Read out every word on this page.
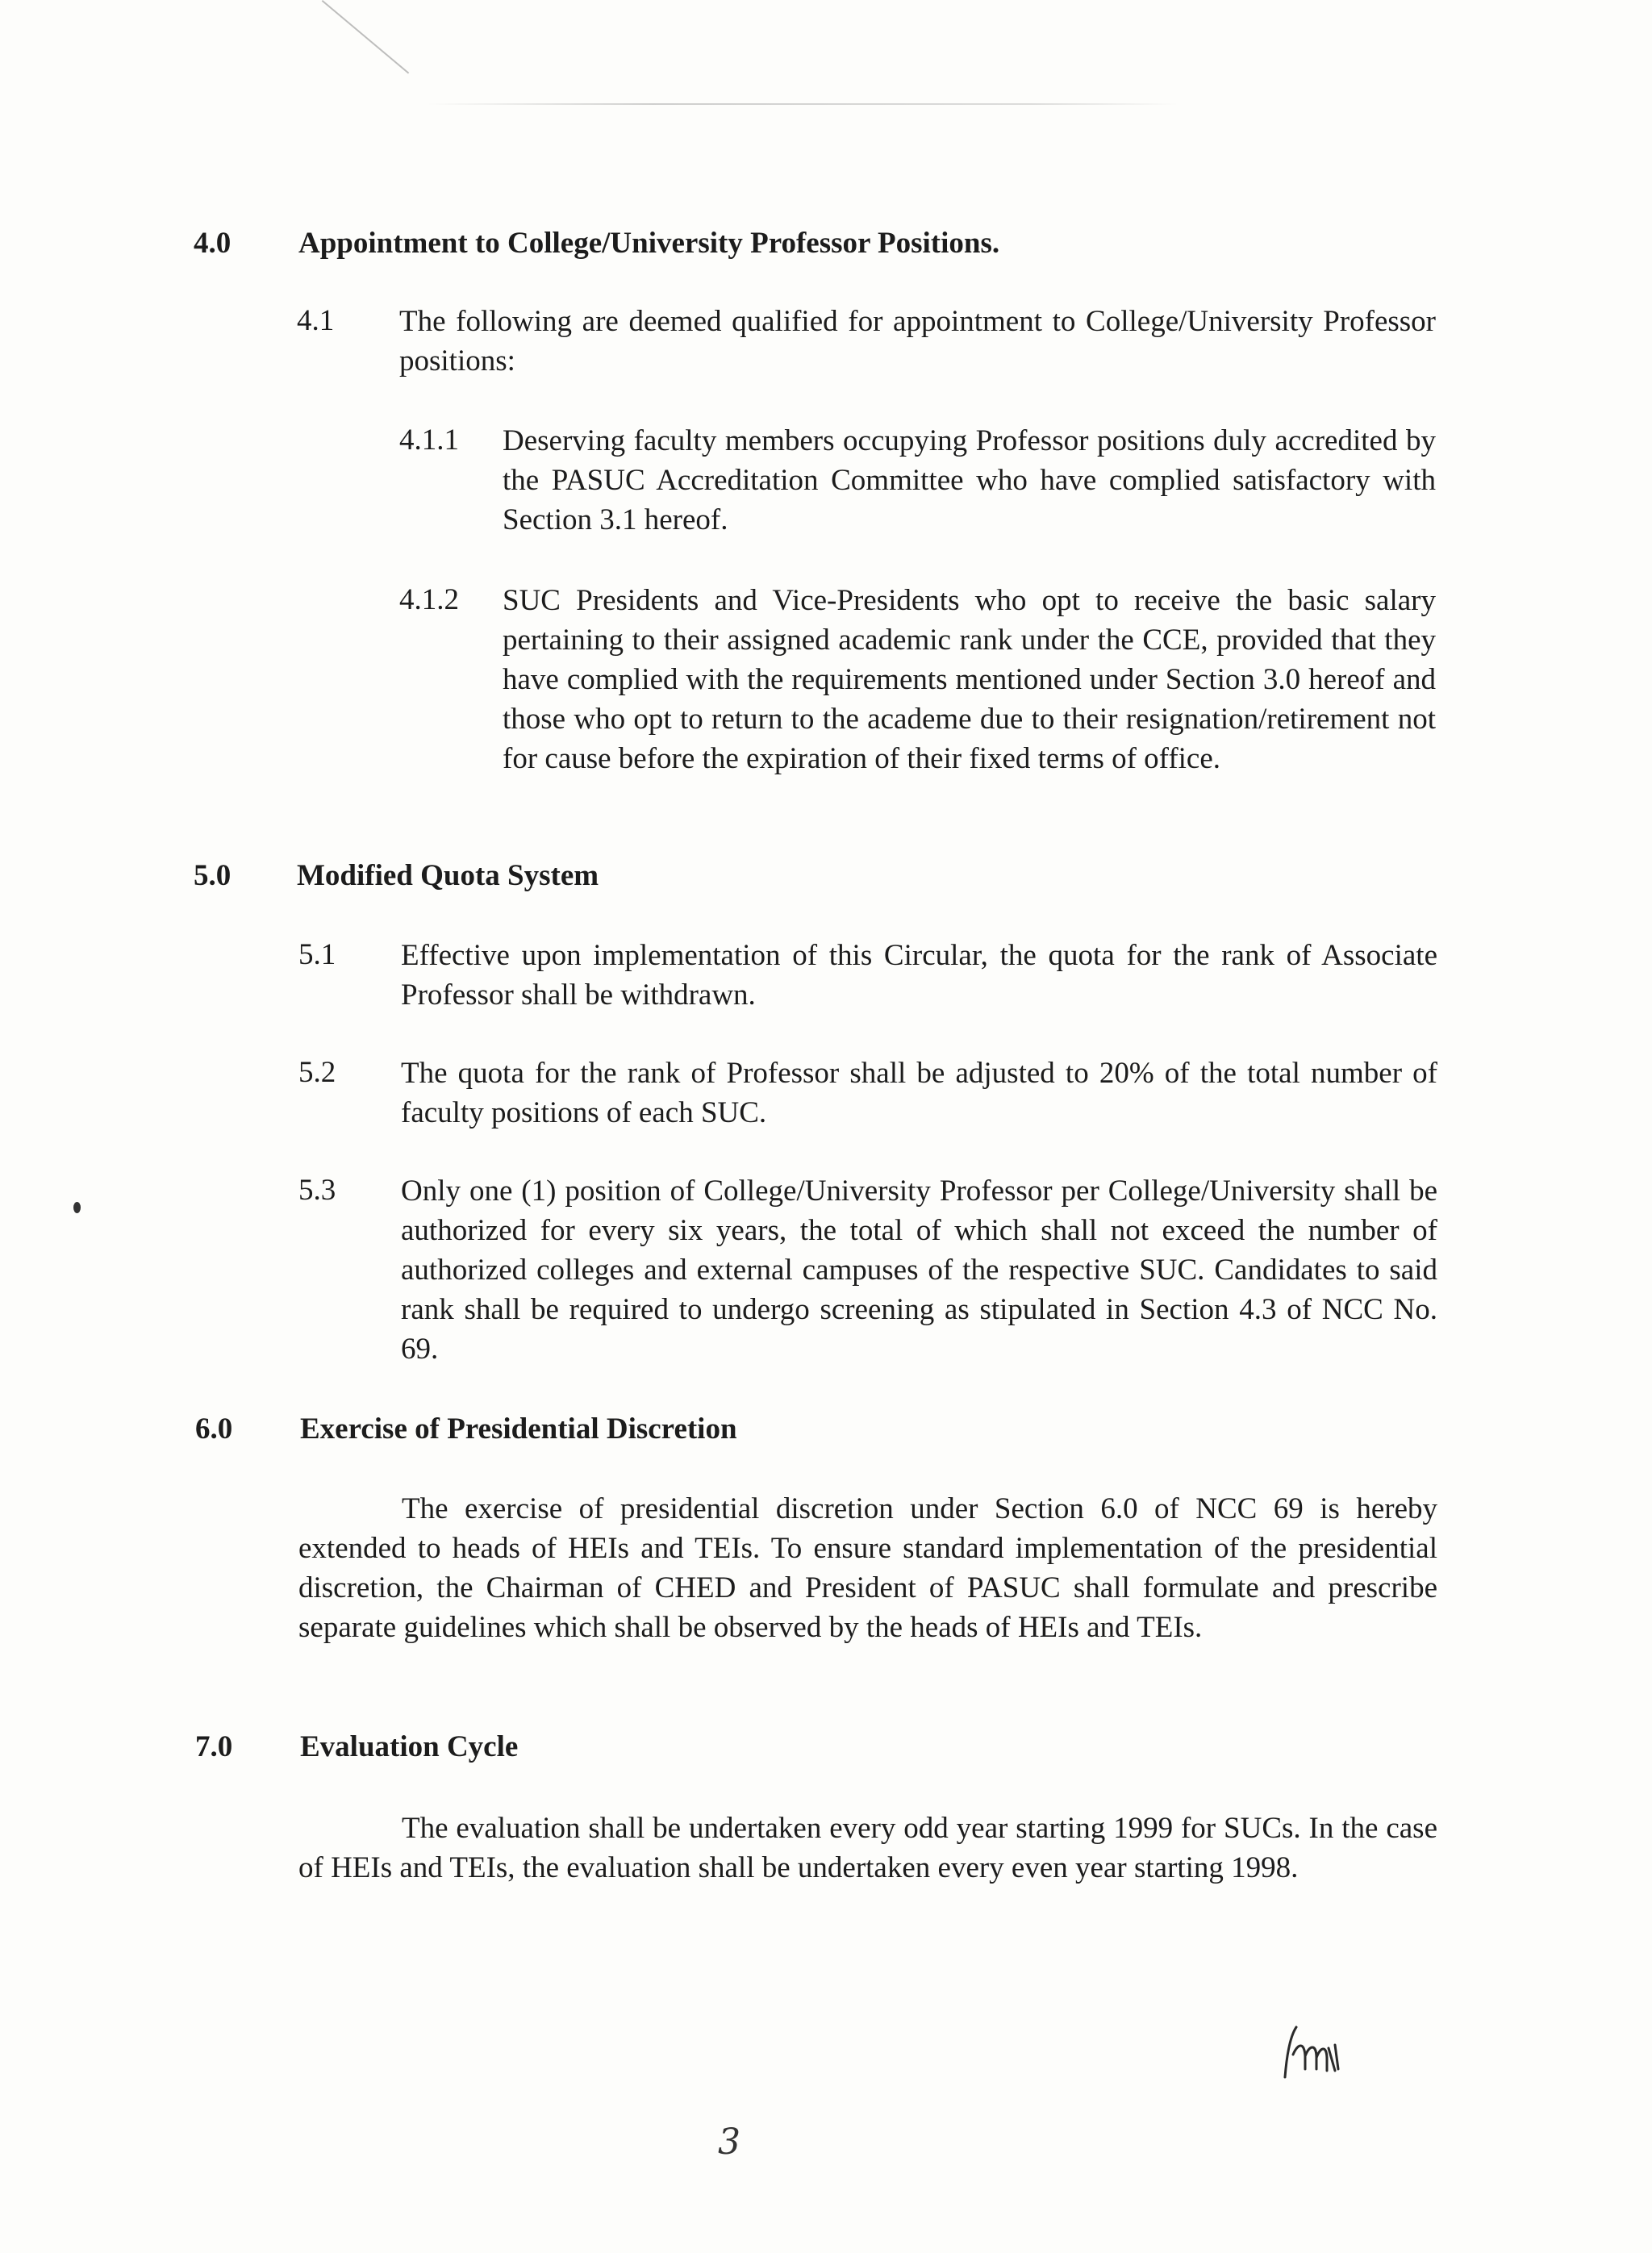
4.0 Appointment to College/University Professor Positions.
4.1 The following are deemed qualified for appointment to College/University Professor positions:
4.1.1 Deserving faculty members occupying Professor positions duly accredited by the PASUC Accreditation Committee who have complied satisfactory with Section 3.1 hereof.
4.1.2 SUC Presidents and Vice-Presidents who opt to receive the basic salary pertaining to their assigned academic rank under the CCE, provided that they have complied with the requirements mentioned under Section 3.0 hereof and those who opt to return to the academe due to their resignation/retirement not for cause before the expiration of their fixed terms of office.
5.0 Modified Quota System
5.1 Effective upon implementation of this Circular, the quota for the rank of Associate Professor shall be withdrawn.
5.2 The quota for the rank of Professor shall be adjusted to 20% of the total number of faculty positions of each SUC.
5.3 Only one (1) position of College/University Professor per College/University shall be authorized for every six years, the total of which shall not exceed the number of authorized colleges and external campuses of the respective SUC. Candidates to said rank shall be required to undergo screening as stipulated in Section 4.3 of NCC No. 69.
6.0 Exercise of Presidential Discretion
The exercise of presidential discretion under Section 6.0 of NCC 69 is hereby extended to heads of HEIs and TEIs. To ensure standard implementation of the presidential discretion, the Chairman of CHED and President of PASUC shall formulate and prescribe separate guidelines which shall be observed by the heads of HEIs and TEIs.
7.0 Evaluation Cycle
The evaluation shall be undertaken every odd year starting 1999 for SUCs. In the case of HEIs and TEIs, the evaluation shall be undertaken every even year starting 1998.
3
